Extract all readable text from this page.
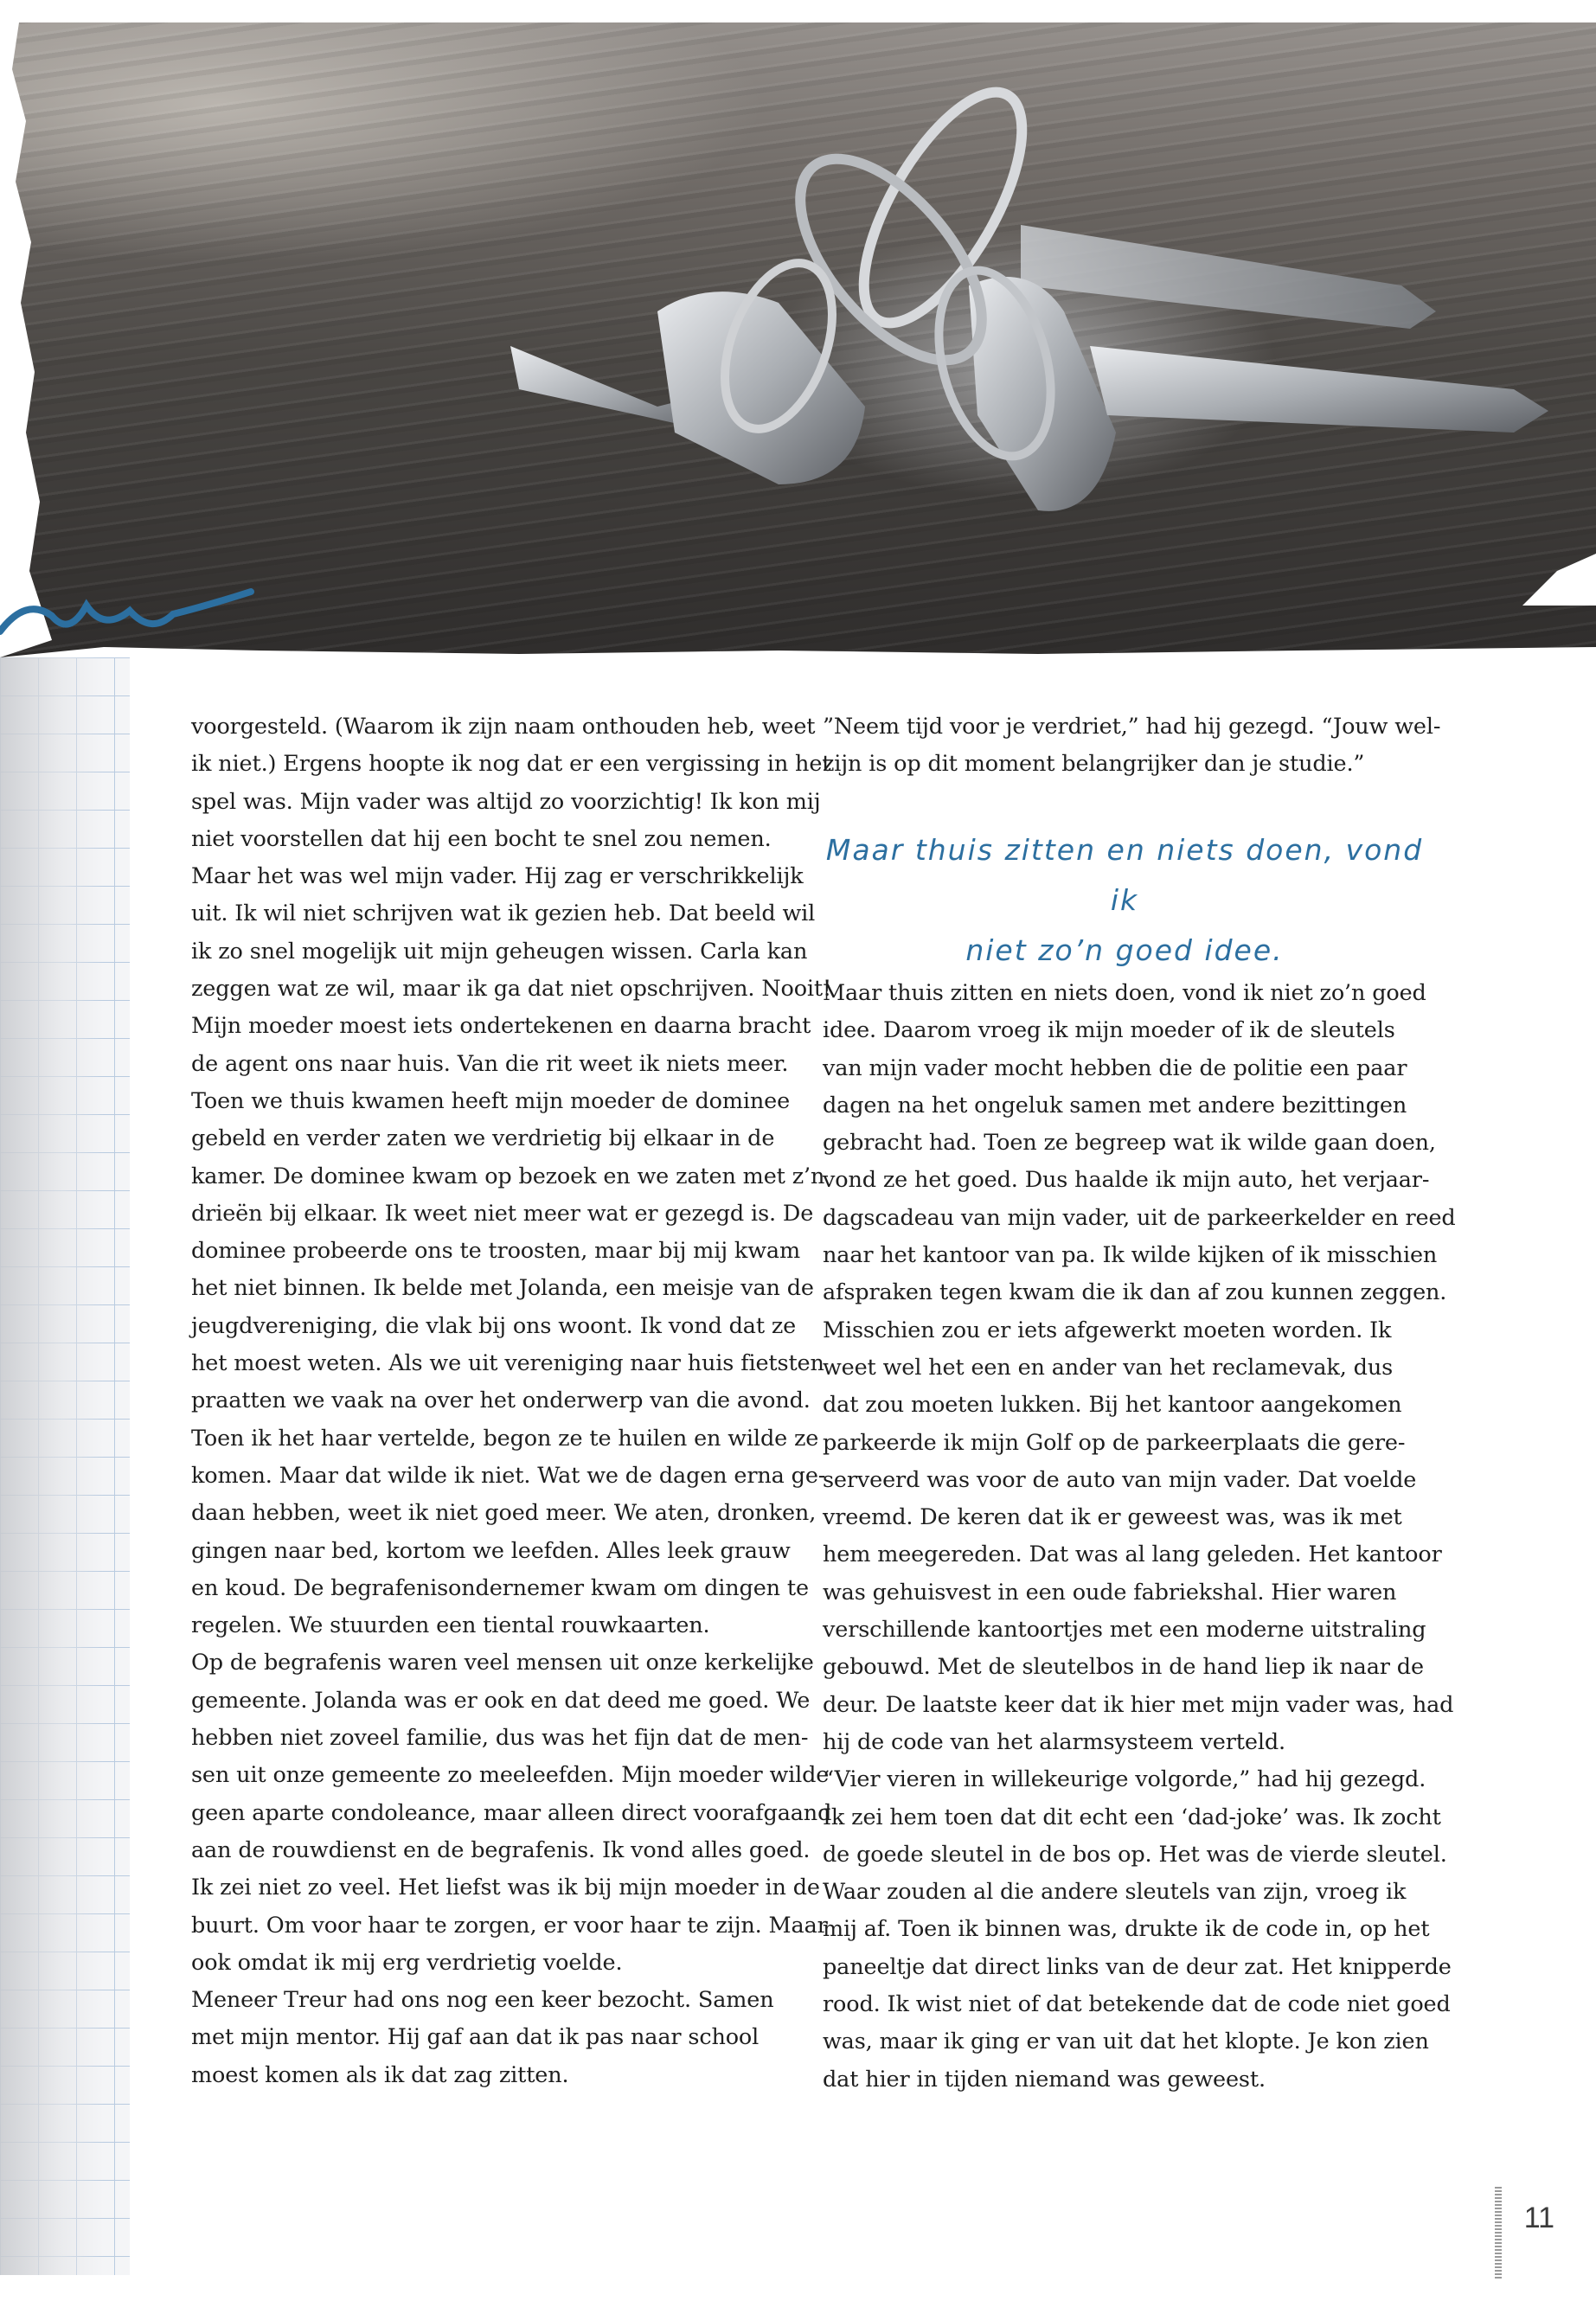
voorgesteld. (Waarom ik zijn naam onthouden heb, weet

ik niet.) Ergens hoopte ik nog dat er een vergissing in het

spel was. Mijn vader was altijd zo voorzichtig! Ik kon mij

niet voorstellen dat hij een bocht te snel zou nemen.

Maar het was wel mijn vader. Hij zag er verschrikkelijk

uit. Ik wil niet schrijven wat ik gezien heb. Dat beeld wil

ik zo snel mogelijk uit mijn geheugen wissen. Carla kan

zeggen wat ze wil, maar ik ga dat niet opschrijven. Nooit!

Mijn moeder moest iets ondertekenen en daarna bracht

de agent ons naar huis. Van die rit weet ik niets meer.

Toen we thuis kwamen heeft mijn moeder de dominee

gebeld en verder zaten we verdrietig bij elkaar in de

kamer. De dominee kwam op bezoek en we zaten met z’n

drieën bij elkaar. Ik weet niet meer wat er gezegd is. De

dominee probeerde ons te troosten, maar bij mij kwam

het niet binnen. Ik belde met Jolanda, een meisje van de

jeugdvereniging, die vlak bij ons woont. Ik vond dat ze

het moest weten. Als we uit vereniging naar huis fietsten

praatten we vaak na over het onderwerp van die avond.

Toen ik het haar vertelde, begon ze te huilen en wilde ze

komen. Maar dat wilde ik niet. Wat we de dagen erna ge-

daan hebben, weet ik niet goed meer. We aten, dronken,

gingen naar bed, kortom we leefden. Alles leek grauw

en koud. De begrafenisondernemer kwam om dingen te

regelen. We stuurden een tiental rouwkaarten.

Op de begrafenis waren veel mensen uit onze kerkelijke

gemeente. Jolanda was er ook en dat deed me goed. We

hebben niet zoveel familie, dus was het fijn dat de men-

sen uit onze gemeente zo meeleefden. Mijn moeder wilde

geen aparte condoleance, maar alleen direct voorafgaand

aan de rouwdienst en de begrafenis. Ik vond alles goed.

Ik zei niet zo veel. Het liefst was ik bij mijn moeder in de

buurt. Om voor haar te zorgen, er voor haar te zijn. Maar

ook omdat ik mij erg verdrietig voelde.

Meneer Treur had ons nog een keer bezocht. Samen

met mijn mentor. Hij gaf aan dat ik pas naar school

moest komen als ik dat zag zitten.

”Neem tijd voor je verdriet,” had hij gezegd. “Jouw wel-

zijn is op dit moment belangrijker dan je studie.”

Maar thuis zitten en niets doen, vond ik

niet zo’n goed idee.

Maar thuis zitten en niets doen, vond ik niet zo’n goed

idee. Daarom vroeg ik mijn moeder of ik de sleutels

van mijn vader mocht hebben die de politie een paar

dagen na het ongeluk samen met andere bezittingen

gebracht had. Toen ze begreep wat ik wilde gaan doen,

vond ze het goed. Dus haalde ik mijn auto, het verjaar-

dagscadeau van mijn vader, uit de parkeerkelder en reed

naar het kantoor van pa. Ik wilde kijken of ik misschien

afspraken tegen kwam die ik dan af zou kunnen zeggen.

Misschien zou er iets afgewerkt moeten worden. Ik

weet wel het een en ander van het reclamevak, dus

dat zou moeten lukken. Bij het kantoor aangekomen

parkeerde ik mijn Golf op de parkeerplaats die gere-

serveerd was voor de auto van mijn vader. Dat voelde

vreemd. De keren dat ik er geweest was, was ik met

hem meegereden. Dat was al lang geleden. Het kantoor

was gehuisvest in een oude fabriekshal. Hier waren

verschillende kantoortjes met een moderne uitstraling

gebouwd. Met de sleutelbos in de hand liep ik naar de

deur. De laatste keer dat ik hier met mijn vader was, had

hij de code van het alarmsysteem verteld.

“Vier vieren in willekeurige volgorde,” had hij gezegd.

Ik zei hem toen dat dit echt een ‘dad-joke’ was. Ik zocht

de goede sleutel in de bos op. Het was de vierde sleutel.

Waar zouden al die andere sleutels van zijn, vroeg ik

mij af. Toen ik binnen was, drukte ik de code in, op het

paneeltje dat direct links van de deur zat. Het knipperde

rood. Ik wist niet of dat betekende dat de code niet goed

was, maar ik ging er van uit dat het klopte. Je kon zien

dat hier in tijden niemand was geweest.

11
